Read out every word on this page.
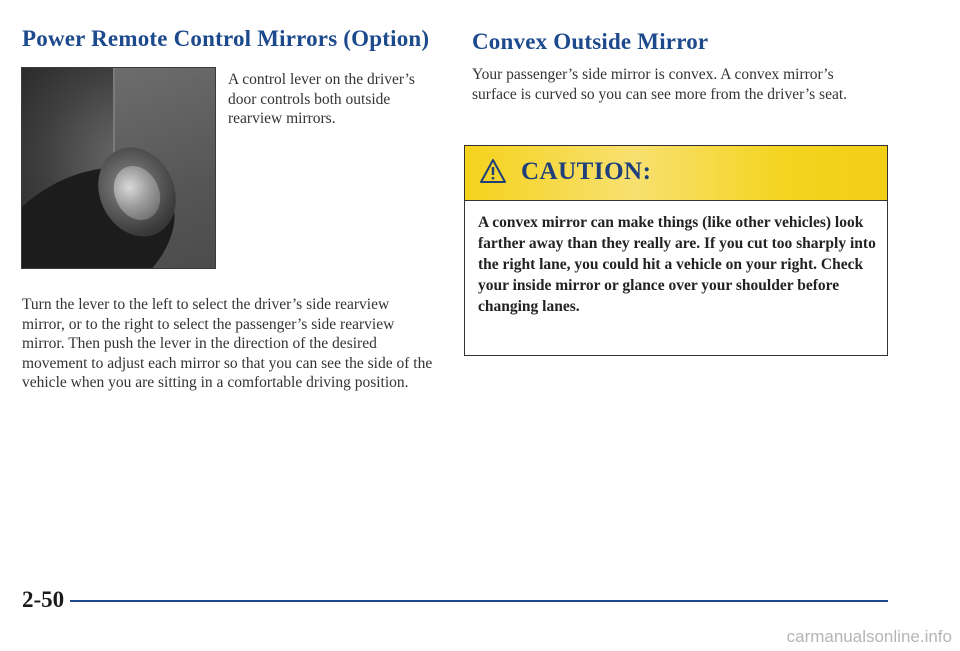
Power Remote Control Mirrors (Option)

A control lever on the driver’s door controls both outside rearview mirrors.

Turn the lever to the left to select the driver’s side rearview mirror, or to the right to select the passenger’s side rearview mirror. Then push the lever in the direction of the desired movement to adjust each mirror so that you can see the side of the vehicle when you are sitting in a comfortable driving position.

Convex Outside Mirror

Your passenger’s side mirror is convex. A convex mirror’s surface is curved so you can see more from the driver’s seat.

CAUTION:

A convex mirror can make things (like other vehicles) look farther away than they really are. If you cut too sharply into the right lane, you could hit a vehicle on your right. Check your inside mirror or glance over your shoulder before changing lanes.

2-50

carmanualsonline.info
